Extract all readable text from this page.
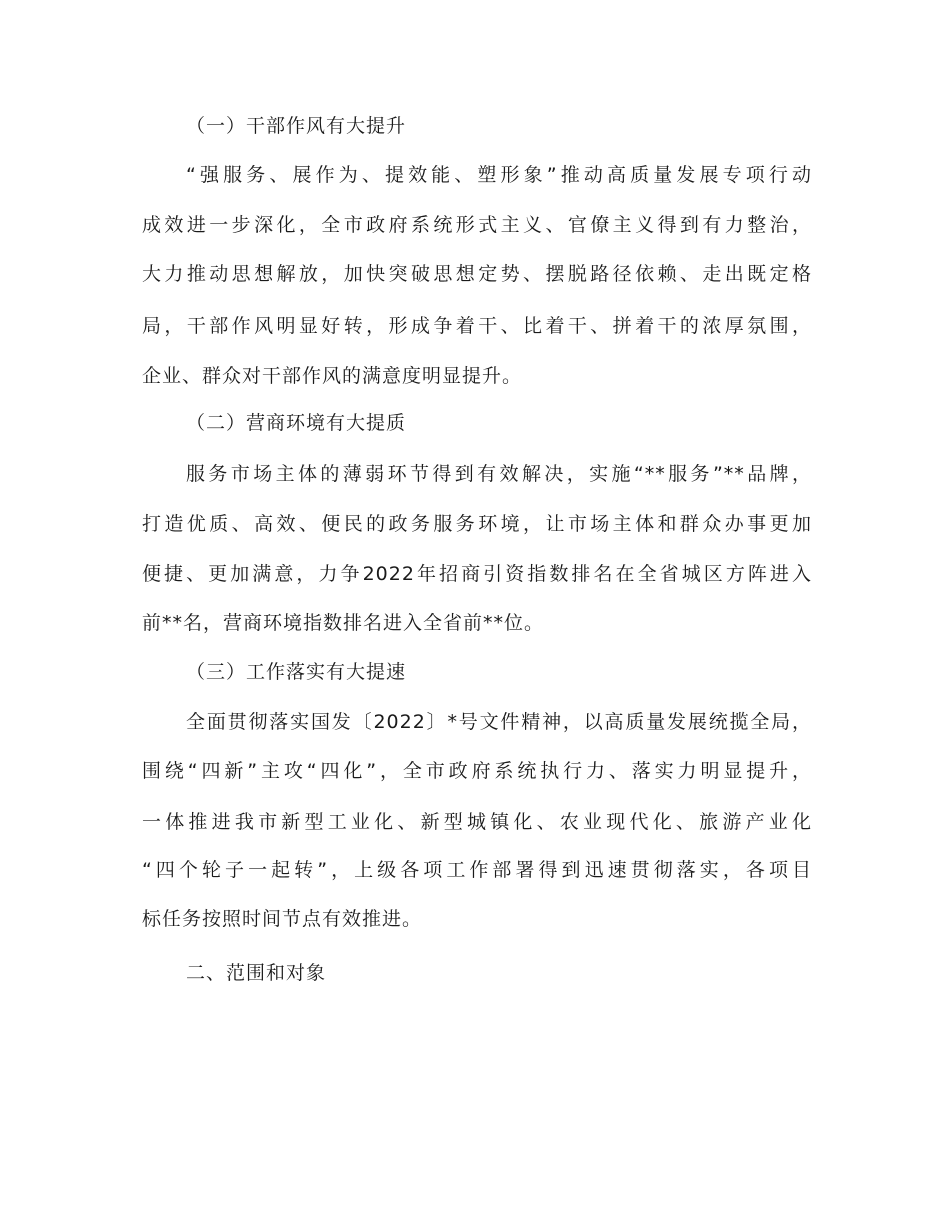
（一）干部作风有大提升
“强服务、展作为、提效能、塑形象”推动高质量发展专项行动
成效进一步深化，全市政府系统形式主义、官僚主义得到有力整治，
大力推动思想解放，加快突破思想定势、摆脱路径依赖、走出既定格
局，干部作风明显好转，形成争着干、比着干、拼着干的浓厚氛围，
企业、群众对干部作风的满意度明显提升。
（二）营商环境有大提质
服务市场主体的薄弱环节得到有效解决，实施“**服务”**品牌，
打造优质、高效、便民的政务服务环境，让市场主体和群众办事更加
便捷、更加满意，力争2022年招商引资指数排名在全省城区方阵进入
前**名，营商环境指数排名进入全省前**位。
（三）工作落实有大提速
全面贯彻落实国发〔2022〕*号文件精神，以高质量发展统揽全局，
围绕“四新”主攻“四化”，全市政府系统执行力、落实力明显提升，
一体推进我市新型工业化、新型城镇化、农业现代化、旅游产业化
“四个轮子一起转”，上级各项工作部署得到迅速贯彻落实，各项目
标任务按照时间节点有效推进。
二、范围和对象
